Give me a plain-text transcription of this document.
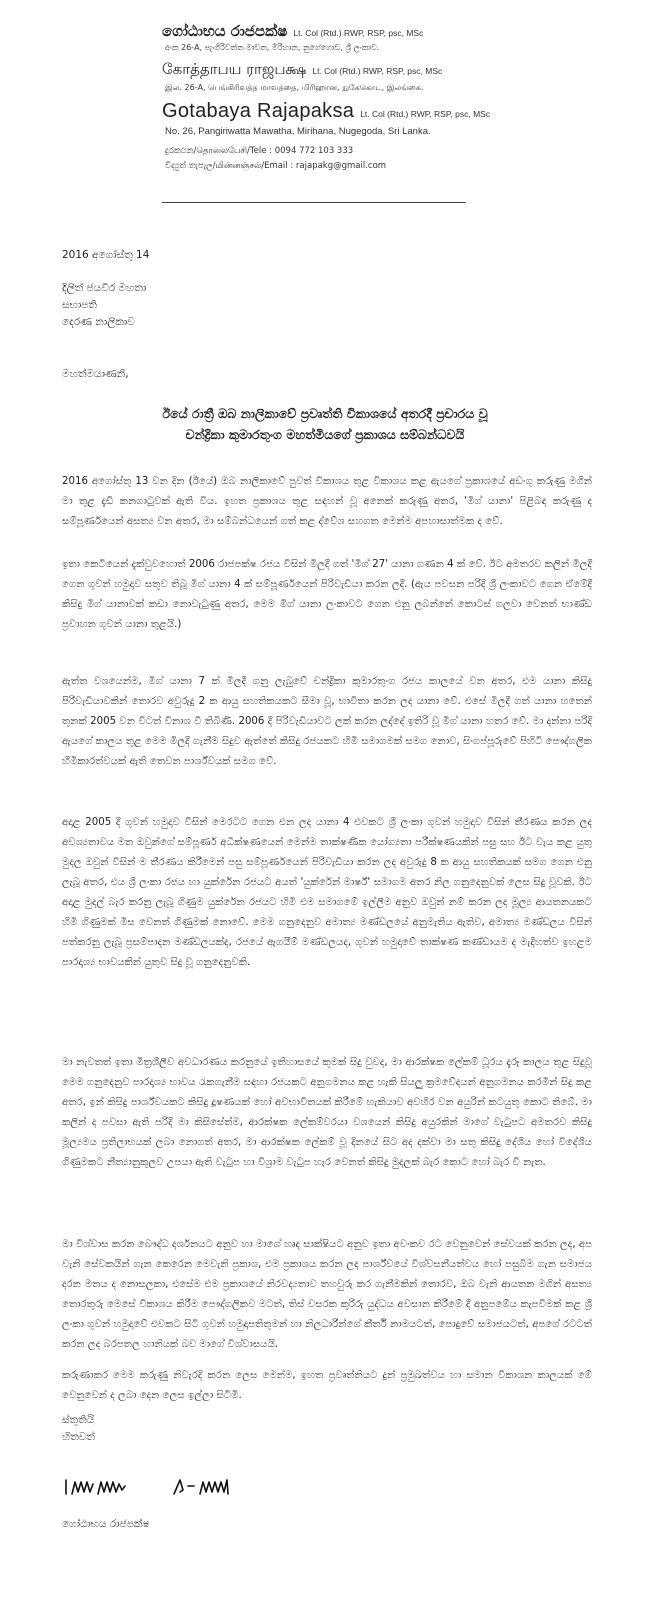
ගෝඨාභය රාජපක්ෂ Lt. Col (Rtd.) RWP, RSP, psc, MSc
අංක 26-A, පැංගිරිවත්ත මාවත, මිරිහාන, නුගේගොඩ, ශ්‍රී ලංකාව.
கோத்தாபய ராஜபக்ஷ Lt. Col (Rtd.) RWP, RSP, psc, MSc
இல. 26-A, பெங்கிரிவத்த மாவத்தை, மிரிஹான, நுகேகொட, இலங்கை.
Gotabaya Rajapaksa Lt. Col (Rtd.) RWP, RSP, psc, MSc
No. 26, Pangiriwatta Mawatha, Mirihana, Nugegoda, Sri Lanka.
දුරකථන/தொலைபேசி/Tele : 0094 772 103 333
විද්‍යුත් තැපැල/மின்னஞ்சல்/Email : rajapakg@gmail.com
2016 අගෝස්තු 14
දිලිත් ජයවීර මහතා
සභාපති
දෙරණ නාලිකාව
මහත්මයාණනි,
ඊයේ රාත්‍රී ඔබ නාලිකාවේ ප්‍රවෘත්ති විකාශයේ අතරදී ප්‍රචාරය වූ
චන්ද්‍රිකා කුමාරතුංග මහත්මියගේ ප්‍රකාශය සම්බන්ධවයි

2016 අගෝස්තු 13 වන දින (ඊයේ) ඔබ නාලිකාවේ පුවත් විකාශය තුළ විකාශය කළ ඇයගේ ප්‍රකාශයේ අඩංගු කරුණු මගින් මා තුළ දැඩි කනගාටුවක් ඇති විය. ඉහත ප්‍රකාශය තුළ සඳහන් වූ අනෙක් කරුණු අතර, 'මිග් යානා' පිළිබඳ කරුණු ද සම්පූර්ණයෙන් අසත්‍ය වන අතර, මා සම්බන්ධයෙන් ගත් කළ ද්වේශ සහගත මෙන්ම අපහාසාත්මක ද වේ.

ඉතා කෙටියෙන් දැක්වුවහොත් 2006 රාජපක්ෂ රජය විසින් මිලදී ගත් 'මිග් 27' යානා ගණන 4 ක් වේ. ඊට අමතරව කලින් මිලදී ගෙන ගුවන් හමුදාව සතුව තිබූ මිග් යානා 4 ක් සම්පූර්ණයෙන් පිරිවැඩියා කරන ලදී. (ඇය පවසන පරිදි ශ්‍රී ලංකාවට ගෙන ඒමේදී කිසිදු මිග් යානාවක් කඩා නොවැටුණු අතර, මෙම මිග් යානා ලංකාවට ගෙන එනු ලබන්නේ කොටස් ගලවා වෙනත් භාණ්ඩ ප්‍රවාහන ගුවන් යානා තුළයි.)

ඇත්ත වශයෙන්ම, මිග් යානා 7 ක් මිලදී ගනු ලැබුවේ චන්ද්‍රිකා කුමාරතුංග රජය කාලයේ වන අතර, එම යානා කිසිදු පිරිවැඩියාවකින් තොරව අවුරුදු 2 ක ආයු සහතිකයකට සීමා වූ, භාවිතා කරන ලද යානා වේ. එසේ මිලදී ගත් යානා හතෙන් තුනක් 2005 වන විටත් විනාශ වී තිබිණි. 2006 දී පිරිවැඩියාවට ලක් කරන ලද්දේ ඉතිරි වූ මිග් යානා හතර වේ. මා දන්නා පරිදි ඇයගේ කාලය තුළ මෙම මිලදී ගැනීම සිදුව ඇත්තේ කිසිදු රජයකට හිමි සමාගමක් සමග නොව, සිංගප්පූරුවේ පිහිටි පෞද්ගලික හිමිකාරත්වයක් ඇති තෙවන පාර්ශ්වයක් සමග වේ.

අදාළ 2005 දී ගුවන් හමුදාව විසින් මෙරටට ගෙන එන ලද යානා 4 එවකට ශ්‍රී ලංකා ගුවන් හමුදාව විසින් තීරණය කරන ලද අවශ්‍යතාවය මත ඔවුන්ගේ සම්පූර්ණ අධීක්ෂණයෙන් මෙන්ම තාක්ෂණික යෝග්‍යතා පරීක්ෂණයකින් පසු සහ ඊට වැය කළ යුතු මුදල ඔවුන් විසින් ම තීරණය කිරීමෙන් පසු සම්පූර්ණයෙන් පිරිවැඩියා කරන ලද අවුරුදු 8 ක ආයු සහතිකයක් සමග ගෙන එනු ලැබූ අතර, එය ශ්‍රී ලංකා රජය හා යුක්රේන රජයට අයත් 'යුක්රේන් මාර්ෂ්' සමාගම අතර නිල ගනුදෙනුවක් ලෙස සිදු වූවකි. ඊට අදාළ මුදල් බැර කරනු ලැබූ ගිණුම යුක්රේන රජයට හිමි එම සමාගමේ ඉල්ලීම අනුව ඔවුන් නම් කරන ලද මූල්‍ය ආයතනයකට හිමි ගිණුමක් මිස වෙනත් ගිණුමක් නොවේ. මෙම ගනුදෙනුව අමාත්‍ය මණ්ඩලයේ අනුමැතිය ඇතිව, අමාත්‍ය මණ්ඩලය විසින් පත්කරනු ලැබූ ප්‍රසම්පාදන මණ්ඩලයක්ද, රජයේ ඇගයීම් මණ්ඩලයද, ගුවන් හමුදාවේ තාක්ෂණ කණ්ඩායම ද මැදිහත්ව ඉහළම පාරදෘශ්‍ය භාවයකින් යුතුව සිදු වූ ගනුදෙනුවකි.

මා නැවතත් ඉතා මිත්‍රශීලීව අවධාරණය කරනුයේ ඉතිහාසයේ කුමක් සිදු වුවද, මා ආරක්ෂක ලේකම් ධූරය දැරූ කාලය තුළ සිදුවූ මෙම ගනුදෙනුව පාරදෘශ්‍ය භාවය රැකගැනීම සඳහා රජයකට අනුගමනය කළ හැකි සියලු ක්‍රමවේදයන් අනුගමනය කරමින් සිදු කළ අතර, ඉන් කිසිදු පාර්ශ්වයකට කිසිදු දූෂණයක් හෝ අවභාවිතයක් කිරීමේ හැකියාව අවහිර වන අයුරින් කටයුතු කොට තිබේ. මා කලින් ද පවසා ඇති පරිදි මා කිසිසේත්ම, ආරක්ෂක ලේකම්වරයා වශයෙන් කිසිදු අයුරකින් මාගේ වැටුපට අමතරව කිසිදු මූල්‍යමය ප්‍රතිලාභයක් ලබා නොගත් අතර, මා ආරක්ෂක ලේකම් වූ දිනයේ සිට අද දක්වා මා සතු කිසිදු දේශීය හෝ විදේශීය ගිණුමකට නීත්‍යානුකූලව උපයා ඇති වැටුප හා විශ්‍රාම වැටුප හැර වෙනත් කිසිදු මුදලක් බැර කොට හෝ බැර වී නැත.

මා විශ්වාස කරන බෞද්ධ දර්ශනයට අනුව හා මාගේ හෘද සාක්ෂියට අනුව ඉතා අවංකව රට වෙනුවෙන් සේවයක් කරන ලද, අප වැනි සේවකයින් ගැන කෙරෙන මෙවැනි ප්‍රකාශ, එම ප්‍රකාශය කරන ලද පාර්ශ්වයේ විශ්වසනීයත්වය හෝ පසුබිම ගැන සමාජය දරන මතය ද නොසලකා, එසේම එම ප්‍රකාශයේ නිරවද්‍යතාව තහවුරු කර ගැනීමකින් තොරව, ඔබ වැනි ආයතන මගින් අසත්‍ය තොරතුරු මෙසේ විකාශය කිරීම පෞද්ගලිකව මටත්, තිස් වසරක කුරිරු යුද්ධය අවසාන කිරීමේ දී අනුපමේය කැපවීමක් කළ ශ්‍රී ලංකා ගුවන් හමුදාවේ එවකට සිටි ගුවන් හමුදාපතිතුමන් හා නිලධාරීන්ගේ කීර්ති නාමයටත්, පොදුවේ සමාජයටත්, අපගේ රටටත් කරන ලද බරපතල හානියක් බව මාගේ විශ්වාසයයි.

කරුණාකර මෙම කරුණු නිවැරදි කරන ලෙස මෙන්ම, ඉහත ප්‍රවෘත්තියට දුන් ප්‍රමුඛත්වය හා සමාන විකාශන කාලයක් මේ වෙනුවෙන් ද ලබා දෙන ලෙස ඉල්ලා සිටිමි.

ස්තුතියි
හිතවත්
ගෝඨාභය රාජපක්ෂ
